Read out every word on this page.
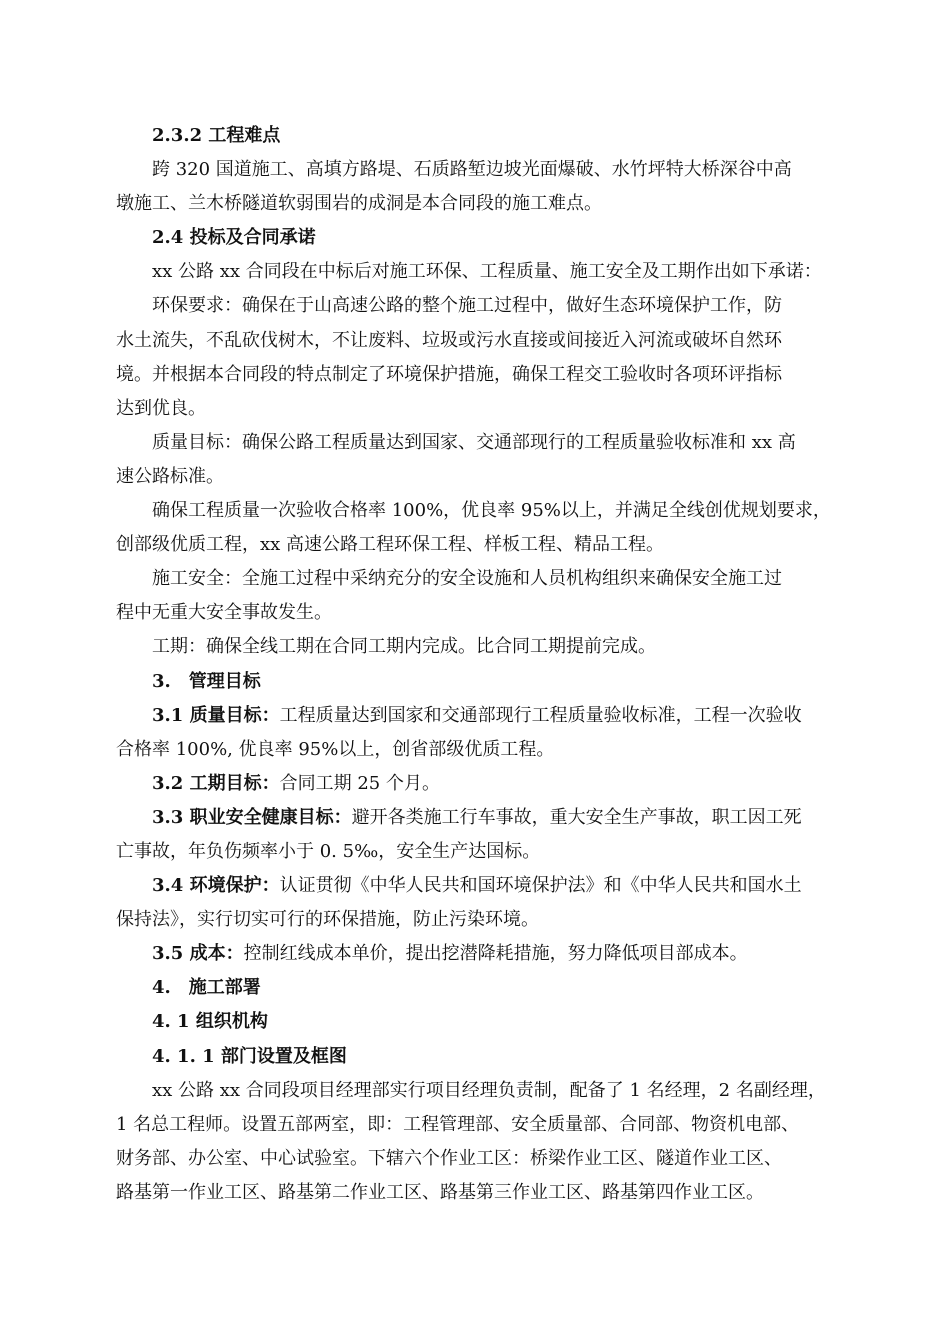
2.3.2 工程难点

跨 320 国道施工、高填方路堤、石质路堑边坡光面爆破、水竹坪特大桥深谷中高

墩施工、兰木桥隧道软弱围岩的成洞是本合同段的施工难点。

2.4 投标及合同承诺

xx 公路 xx 合同段在中标后对施工环保、工程质量、施工安全及工期作出如下承诺：

环保要求：确保在于山高速公路的整个施工过程中，做好生态环境保护工作，防

水土流失，不乱砍伐树木，不让废料、垃圾或污水直接或间接近入河流或破坏自然环

境。并根据本合同段的特点制定了环境保护措施，确保工程交工验收时各项环评指标

达到优良。

质量目标：确保公路工程质量达到国家、交通部现行的工程质量验收标准和 xx 高

速公路标准。

确保工程质量一次验收合格率 100%，优良率 95%以上，并满足全线创优规划要求，

创部级优质工程，xx 高速公路工程环保工程、样板工程、精品工程。

施工安全：全施工过程中采纳充分的安全设施和人员机构组织来确保安全施工过

程中无重大安全事故发生。

工期：确保全线工期在合同工期内完成。比合同工期提前完成。

3.　管理目标

3.1 质量目标：工程质量达到国家和交通部现行工程质量验收标准，工程一次验收

合格率 100%, 优良率 95%以上，创省部级优质工程。

3.2 工期目标：合同工期 25 个月。

3.3 职业安全健康目标：避开各类施工行车事故，重大安全生产事故，职工因工死

亡事故，年负伤频率小于 0. 5‰，安全生产达国标。

3.4 环境保护：认证贯彻《中华人民共和国环境保护法》和《中华人民共和国水土

保持法》，实行切实可行的环保措施，防止污染环境。

3.5 成本：控制红线成本单价，提出挖潜降耗措施，努力降低项目部成本。

4.　施工部署

4. 1 组织机构

4. 1. 1 部门设置及框图

xx 公路 xx 合同段项目经理部实行项目经理负责制，配备了 1 名经理，2 名副经理，

1 名总工程师。设置五部两室，即：工程管理部、安全质量部、合同部、物资机电部、

财务部、办公室、中心试验室。下辖六个作业工区：桥梁作业工区、隧道作业工区、

路基第一作业工区、路基第二作业工区、路基第三作业工区、路基第四作业工区。
